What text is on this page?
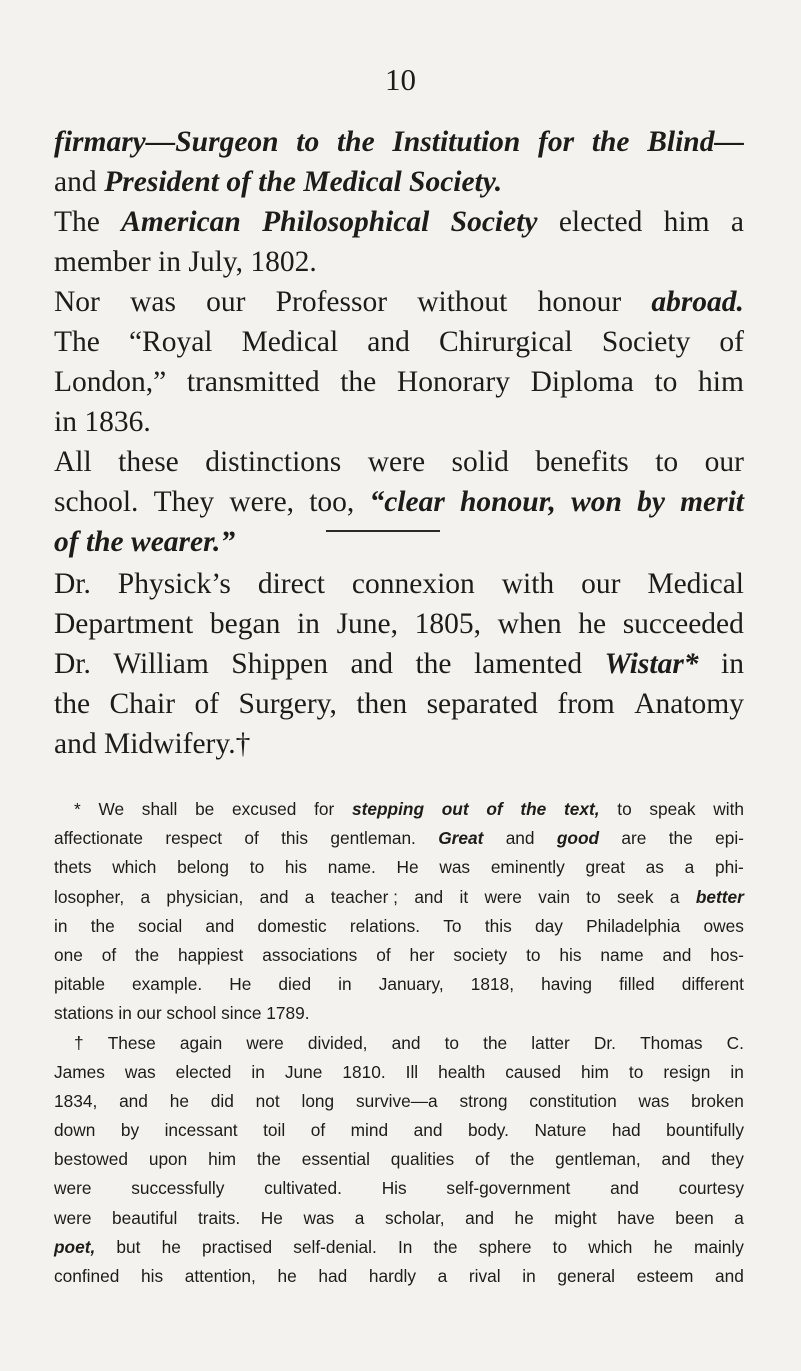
10
firmary—Surgeon to the Institution for the Blind—
and President of the Medical Society.
The American Philosophical Society elected him a
member in July, 1802.
Nor was our Professor without honour abroad.
The “Royal Medical and Chirurgical Society of
London,” transmitted the Honorary Diploma to him
in 1836.
All these distinctions were solid benefits to our
school. They were, too, “clear honour, won by merit
of the wearer.”
Dr. Physick’s direct connexion with our Medical
Department began in June, 1805, when he succeeded
Dr. William Shippen and the lamented Wistar* in
the Chair of Surgery, then separated from Anatomy
and Midwifery.†
* We shall be excused for stepping out of the text, to speak with
affectionate respect of this gentleman. Great and good are the epi-
thets which belong to his name. He was eminently great as a phi-
losopher, a physician, and a teacher ; and it were vain to seek a better
in the social and domestic relations. To this day Philadelphia owes
one of the happiest associations of her society to his name and hos-
pitable example. He died in January, 1818, having filled different
stations in our school since 1789.
† These again were divided, and to the latter Dr. Thomas C.
James was elected in June 1810. Ill health caused him to resign in
1834, and he did not long survive—a strong constitution was broken
down by incessant toil of mind and body. Nature had bountifully
bestowed upon him the essential qualities of the gentleman, and they
were successfully cultivated. His self-government and courtesy
were beautiful traits. He was a scholar, and he might have been a
poet, but he practised self-denial. In the sphere to which he mainly
confined his attention, he had hardly a rival in general esteem and
